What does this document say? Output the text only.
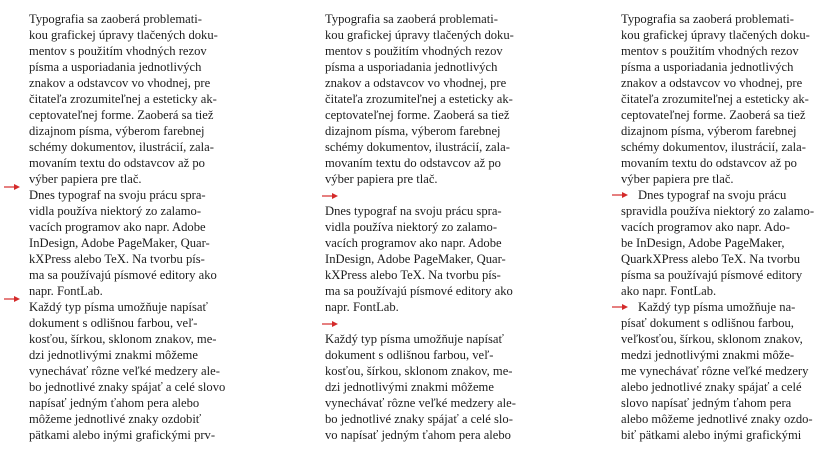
Typografia sa zaoberá problemati-
kou grafickej úpravy tlačených doku-
mentov s použitím vhodných rezov
písma a usporiadania jednotlivých
znakov a odstavcov vo vhodnej, pre
čitateľa zrozumiteľnej a esteticky ak-
ceptovateľnej forme. Zaoberá sa tiež
dizajnom písma, výberom farebnej
schémy dokumentov, ilustrácií, zala-
movaním textu do odstavcov až po
výber papiera pre tlač.
Dnes typograf na svoju prácu spra-
vidla používa niektorý zo zalamo-
vacích programov ako napr. Adobe
InDesign, Adobe PageMaker, Quar-
kXPress alebo TeX. Na tvorbu pís-
ma sa používajú písmové editory ako
napr. FontLab.
Každý typ písma umožňuje napísať
dokument s odlišnou farbou, veľ-
kosťou, šírkou, sklonom znakov, me-
dzi jednotlivými znakmi môžeme
vynechávať rôzne veľké medzery ale-
bo jednotlivé znaky spájať a celé slovo
napísať jedným ťahom pera alebo
môžeme jednotlivé znaky ozdobiť
pätkami alebo inými grafickými prv-
Typografia sa zaoberá problemati-
kou grafickej úpravy tlačených doku-
mentov s použitím vhodných rezov
písma a usporiadania jednotlivých
znakov a odstavcov vo vhodnej, pre
čitateľa zrozumiteľnej a esteticky ak-
ceptovateľnej forme. Zaoberá sa tiež
dizajnom písma, výberom farebnej
schémy dokumentov, ilustrácií, zala-
movaním textu do odstavcov až po
výber papiera pre tlač.
Dnes typograf na svoju prácu spra-
vidla používa niektorý zo zalamo-
vacích programov ako napr. Adobe
InDesign, Adobe PageMaker, Quar-
kXPress alebo TeX. Na tvorbu pís-
ma sa používajú písmové editory ako
napr. FontLab.
Každý typ písma umožňuje napísať
dokument s odlišnou farbou, veľ-
kosťou, šírkou, sklonom znakov, me-
dzi jednotlivými znakmi môžeme
vynechávať rôzne veľké medzery ale-
bo jednotlivé znaky spájať a celé slo-
vo napísať jedným ťahom pera alebo
Typografia sa zaoberá problemati-
kou grafickej úpravy tlačených doku-
mentov s použitím vhodných rezov
písma a usporiadania jednotlivých
znakov a odstavcov vo vhodnej, pre
čitateľa zrozumiteľnej a esteticky ak-
ceptovateľnej forme. Zaoberá sa tiež
dizajnom písma, výberom farebnej
schémy dokumentov, ilustrácií, zala-
movaním textu do odstavcov až po
výber papiera pre tlač.
Dnes typograf na svoju prácu
spravidla používa niektorý zo zalamo-
vacích programov ako napr. Ado-
be InDesign, Adobe PageMaker,
QuarkXPress alebo TeX. Na tvorbu
písma sa používajú písmové editory
ako napr. FontLab.
Každý typ písma umožňuje na-
písať dokument s odlišnou farbou,
veľkosťou, šírkou, sklonom znakov,
medzi jednotlivými znakmi môže-
me vynechávať rôzne veľké medzery
alebo jednotlivé znaky spájať a celé
slovo napísať jedným ťahom pera
alebo môžeme jednotlivé znaky ozdo-
biť pätkami alebo inými grafickými
